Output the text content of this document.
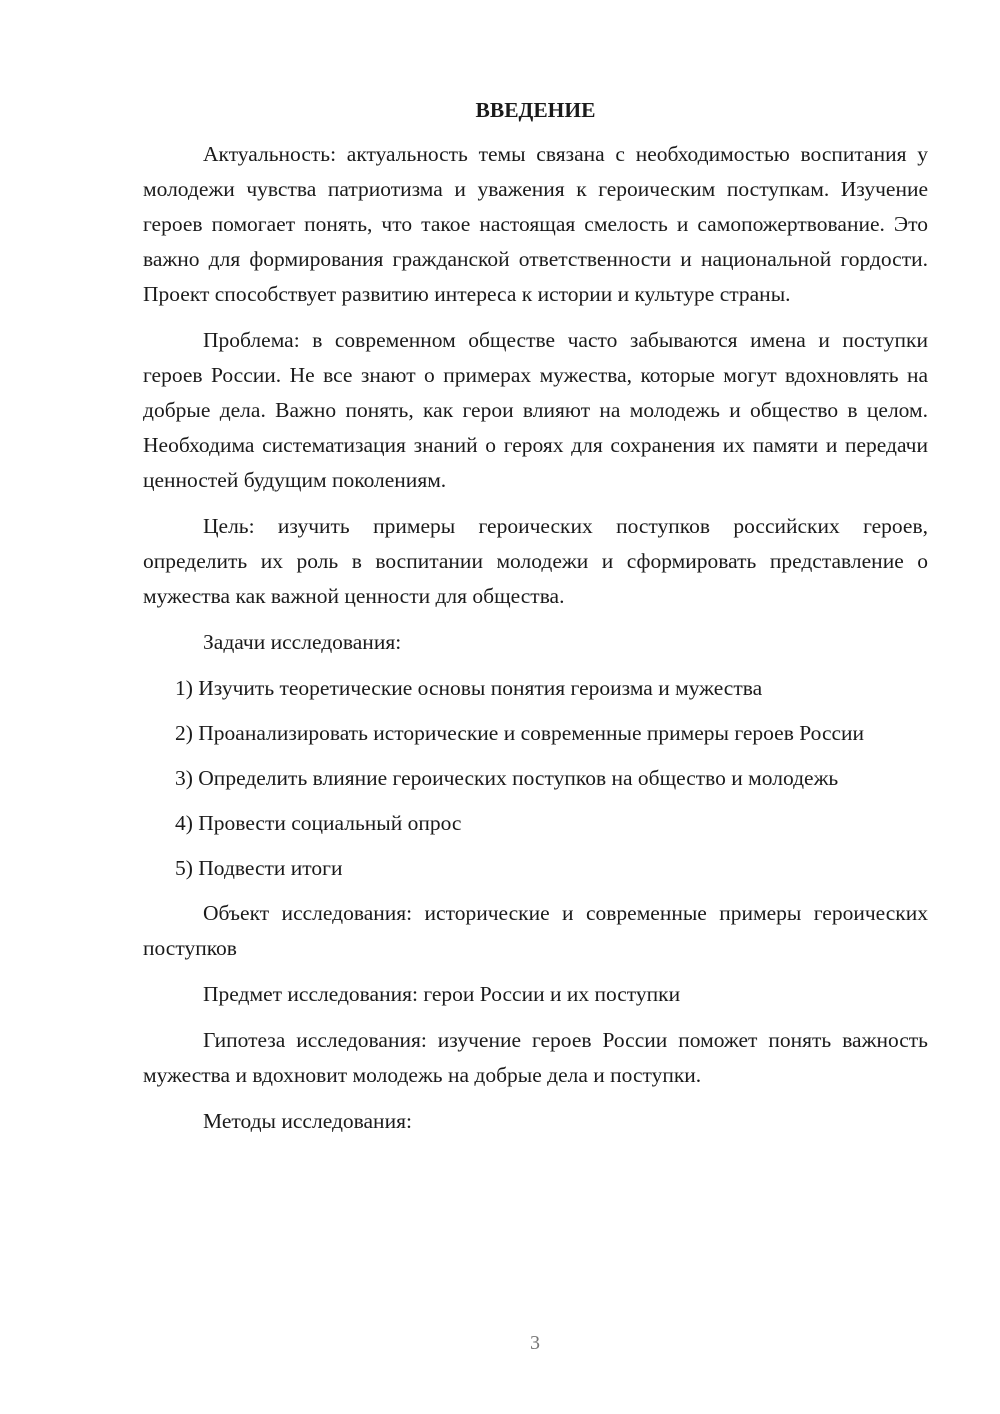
ВВЕДЕНИЕ

Актуальность: актуальность темы связана с необходимостью воспитания у молодежи чувства патриотизма и уважения к героическим поступкам. Изучение героев помогает понять, что такое настоящая смелость и самопожертвование. Это важно для формирования гражданской ответственности и национальной гордости. Проект способствует развитию интереса к истории и культуре страны.

Проблема: в современном обществе часто забываются имена и поступки героев России. Не все знают о примерах мужества, которые могут вдохновлять на добрые дела. Важно понять, как герои влияют на молодежь и общество в целом. Необходима систематизация знаний о героях для сохранения их памяти и передачи ценностей будущим поколениям.

Цель: изучить примеры героических поступков российских героев, определить их роль в воспитании молодежи и сформировать представление о мужества как важной ценности для общества.

Задачи исследования:

1) Изучить теоретические основы понятия героизма и мужества

2) Проанализировать исторические и современные примеры героев России

3) Определить влияние героических поступков на общество и молодежь

4) Провести социальный опрос

5) Подвести итоги

Объект исследования: исторические и современные примеры героических поступков

Предмет исследования: герои России и их поступки

Гипотеза исследования: изучение героев России поможет понять важность мужества и вдохновит молодежь на добрые дела и поступки.

Методы исследования:

3
